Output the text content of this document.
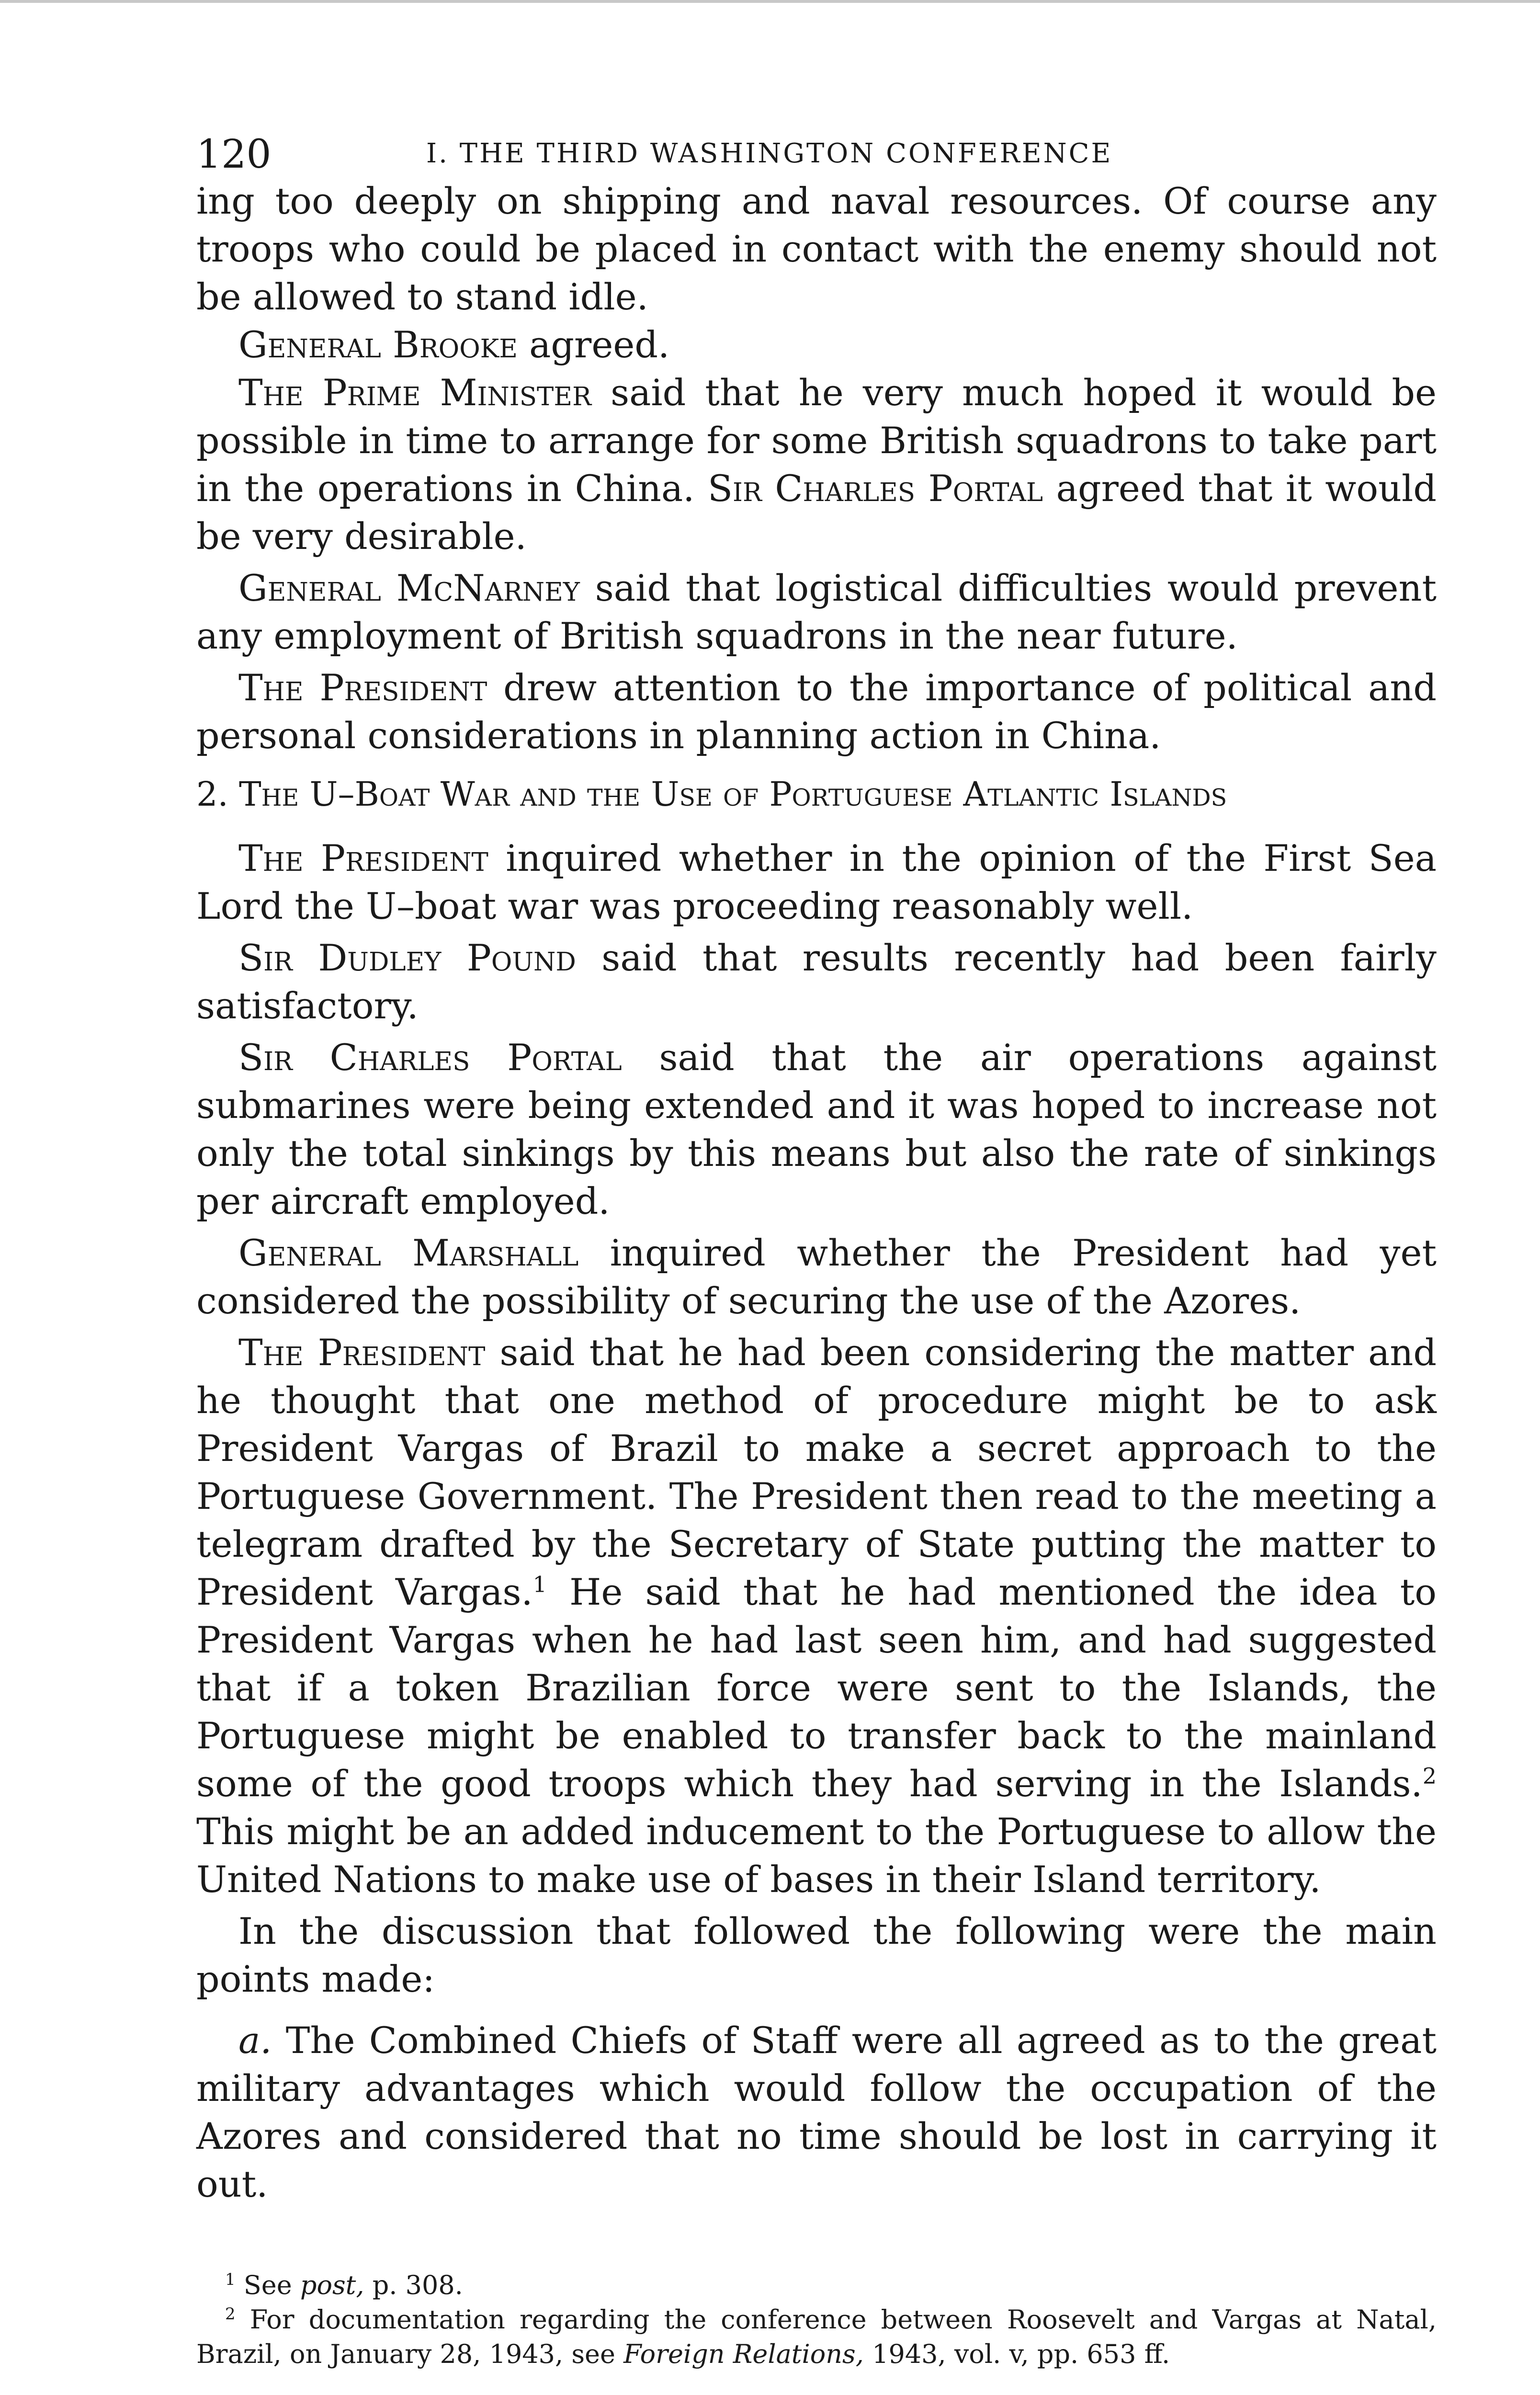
120	I. THE THIRD WASHINGTON CONFERENCE

ing too deeply on shipping and naval resources. Of course any troops who could be placed in contact with the enemy should not be allowed to stand idle.

General Brooke agreed.

The Prime Minister said that he very much hoped it would be possible in time to arrange for some British squadrons to take part in the operations in China. Sir Charles Portal agreed that it would be very desirable.

General McNarney said that logistical difficulties would prevent any employment of British squadrons in the near future.

The President drew attention to the importance of political and personal considerations in planning action in China.

2. The U–Boat War and the Use of Portuguese Atlantic Islands

The President inquired whether in the opinion of the First Sea Lord the U–boat war was proceeding reasonably well.

Sir Dudley Pound said that results recently had been fairly satisfactory.

Sir Charles Portal said that the air operations against submarines were being extended and it was hoped to increase not only the total sinkings by this means but also the rate of sinkings per aircraft employed.

General Marshall inquired whether the President had yet considered the possibility of securing the use of the Azores.

The President said that he had been considering the matter and he thought that one method of procedure might be to ask President Vargas of Brazil to make a secret approach to the Portuguese Government. The President then read to the meeting a telegram drafted by the Secretary of State putting the matter to President Vargas.$^1$ He said that he had mentioned the idea to President Vargas when he had last seen him, and had suggested that if a token Brazilian force were sent to the Islands, the Portuguese might be enabled to transfer back to the mainland some of the good troops which they had serving in the Islands.$^2$ This might be an added inducement to the Portuguese to allow the United Nations to make use of bases in their Island territory.

In the discussion that followed the following were the main points made:

a. The Combined Chiefs of Staff were all agreed as to the great military advantages which would follow the occupation of the Azores and considered that no time should be lost in carrying it out.

$^1$ See post, p. 308.

$^2$ For documentation regarding the conference between Roosevelt and Vargas at Natal, Brazil, on January 28, 1943, see Foreign Relations, 1943, vol. v, pp. 653 ff.
